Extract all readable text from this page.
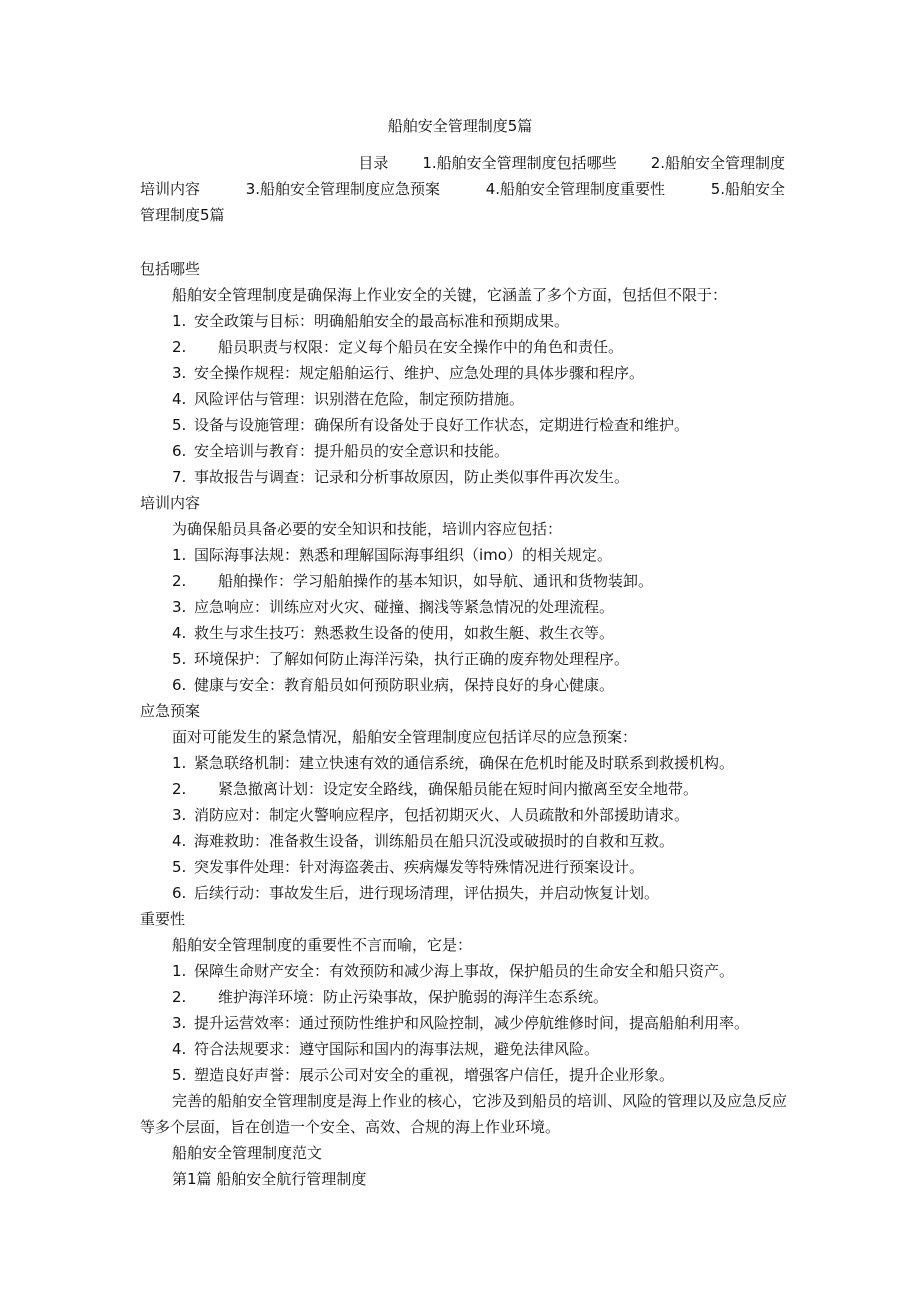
船舶安全管理制度5篇
目录 1.船舶安全管理制度包括哪些 2.船舶安全管理制度
培训内容	3.船舶安全管理制度应急预案	4.船舶安全管理制度重要性	5.船舶安全
管理制度5篇
包括哪些
船舶安全管理制度是确保海上作业安全的关键，它涵盖了多个方面，包括但不限于：
1. 安全政策与目标：明确船舶安全的最高标准和预期成果。
2. 船员职责与权限：定义每个船员在安全操作中的角色和责任。
3. 安全操作规程：规定船舶运行、维护、应急处理的具体步骤和程序。
4. 风险评估与管理：识别潜在危险，制定预防措施。
5. 设备与设施管理：确保所有设备处于良好工作状态，定期进行检查和维护。
6. 安全培训与教育：提升船员的安全意识和技能。
7. 事故报告与调查：记录和分析事故原因，防止类似事件再次发生。
培训内容
为确保船员具备必要的安全知识和技能，培训内容应包括：
1. 国际海事法规：熟悉和理解国际海事组织（imo）的相关规定。
2. 船舶操作：学习船舶操作的基本知识，如导航、通讯和货物装卸。
3. 应急响应：训练应对火灾、碰撞、搁浅等紧急情况的处理流程。
4. 救生与求生技巧：熟悉救生设备的使用，如救生艇、救生衣等。
5. 环境保护：了解如何防止海洋污染，执行正确的废弃物处理程序。
6. 健康与安全：教育船员如何预防职业病，保持良好的身心健康。
应急预案
面对可能发生的紧急情况，船舶安全管理制度应包括详尽的应急预案：
1. 紧急联络机制：建立快速有效的通信系统，确保在危机时能及时联系到救援机构。
2. 紧急撤离计划：设定安全路线，确保船员能在短时间内撤离至安全地带。
3. 消防应对：制定火警响应程序，包括初期灭火、人员疏散和外部援助请求。
4. 海难救助：准备救生设备，训练船员在船只沉没或破损时的自救和互救。
5. 突发事件处理：针对海盗袭击、疾病爆发等特殊情况进行预案设计。
6. 后续行动：事故发生后，进行现场清理，评估损失，并启动恢复计划。
重要性
船舶安全管理制度的重要性不言而喻，它是：
1. 保障生命财产安全：有效预防和减少海上事故，保护船员的生命安全和船只资产。
2. 维护海洋环境：防止污染事故，保护脆弱的海洋生态系统。
3. 提升运营效率：通过预防性维护和风险控制，减少停航维修时间，提高船舶利用率。
4. 符合法规要求：遵守国际和国内的海事法规，避免法律风险。
5. 塑造良好声誉：展示公司对安全的重视，增强客户信任，提升企业形象。

完善的船舶安全管理制度是海上作业的核心，它涉及到船员的培训、风险的管理以及应急反应等多个层面，旨在创造一个安全、高效、合规的海上作业环境。

船舶安全管理制度范文
第1篇 船舶安全航行管理制度
